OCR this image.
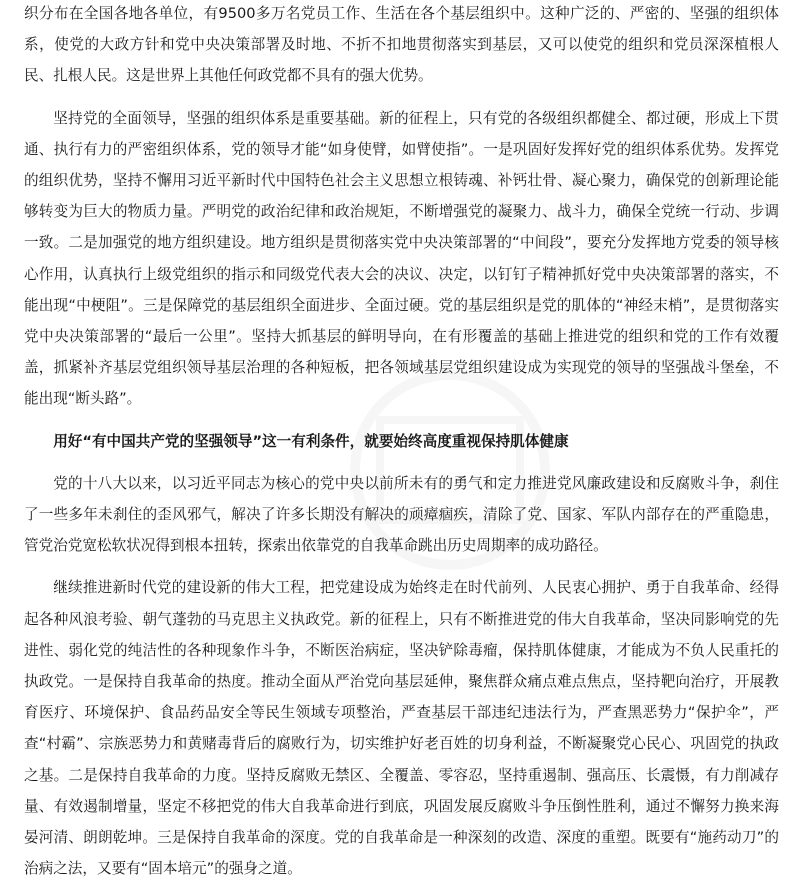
织分布在全国各地各单位，有9500多万名党员工作、生活在各个基层组织中。这种广泛的、严密的、坚强的组织体系，使党的大政方针和党中央决策部署及时地、不折不扣地贯彻落实到基层，又可以使党的组织和党员深深植根人民、扎根人民。这是世界上其他任何政党都不具有的强大优势。

坚持党的全面领导，坚强的组织体系是重要基础。新的征程上，只有党的各级组织都健全、都过硬，形成上下贯通、执行有力的严密组织体系，党的领导才能“如身使臂，如臂使指”。一是巩固好发挥好党的组织体系优势。发挥党的组织优势，坚持不懈用习近平新时代中国特色社会主义思想立根铸魂、补钙壮骨、凝心聚力，确保党的创新理论能够转变为巨大的物质力量。严明党的政治纪律和政治规矩，不断增强党的凝聚力、战斗力，确保全党统一行动、步调一致。二是加强党的地方组织建设。地方组织是贯彻落实党中央决策部署的“中间段”，要充分发挥地方党委的领导核心作用，认真执行上级党组织的指示和同级党代表大会的决议、决定，以钉钉子精神抓好党中央决策部署的落实，不能出现“中梗阻”。三是保障党的基层组织全面进步、全面过硬。党的基层组织是党的肌体的“神经末梢”，是贯彻落实党中央决策部署的“最后一公里”。坚持大抓基层的鲜明导向，在有形覆盖的基础上推进党的组织和党的工作有效覆盖，抓紧补齐基层党组织领导基层治理的各种短板，把各领域基层党组织建设成为实现党的领导的坚强战斗堡垒，不能出现“断头路”。

用好“有中国共产党的坚强领导”这一有利条件，就要始终高度重视保持肌体健康

党的十八大以来，以习近平同志为核心的党中央以前所未有的勇气和定力推进党风廉政建设和反腐败斗争，刹住了一些多年未刹住的歪风邪气，解决了许多长期没有解决的顽瘴痼疾，清除了党、国家、军队内部存在的严重隐患，管党治党宽松软状况得到根本扭转，探索出依靠党的自我革命跳出历史周期率的成功路径。

继续推进新时代党的建设新的伟大工程，把党建设成为始终走在时代前列、人民衷心拥护、勇于自我革命、经得起各种风浪考验、朝气蓬勃的马克思主义执政党。新的征程上，只有不断推进党的伟大自我革命，坚决同影响党的先进性、弱化党的纯洁性的各种现象作斗争，不断医治病症，坚决铲除毒瘤，保持肌体健康，才能成为不负人民重托的执政党。一是保持自我革命的热度。推动全面从严治党向基层延伸，聚焦群众痛点难点焦点，坚持靶向治疗，开展教育医疗、环境保护、食品药品安全等民生领域专项整治，严查基层干部违纪违法行为，严查黑恶势力“保护伞”，严查“村霸”、宗族恶势力和黄赌毒背后的腐败行为，切实维护好老百姓的切身利益，不断凝聚党心民心、巩固党的执政之基。二是保持自我革命的力度。坚持反腐败无禁区、全覆盖、零容忍，坚持重遏制、强高压、长震慑，有力削减存量、有效遏制增量，坚定不移把党的伟大自我革命进行到底，巩固发展反腐败斗争压倒性胜利，通过不懈努力换来海晏河清、朗朗乾坤。三是保持自我革命的深度。党的自我革命是一种深刻的改造、深度的重塑。既要有“施药动刀”的治病之法，又要有“固本培元”的强身之道。
